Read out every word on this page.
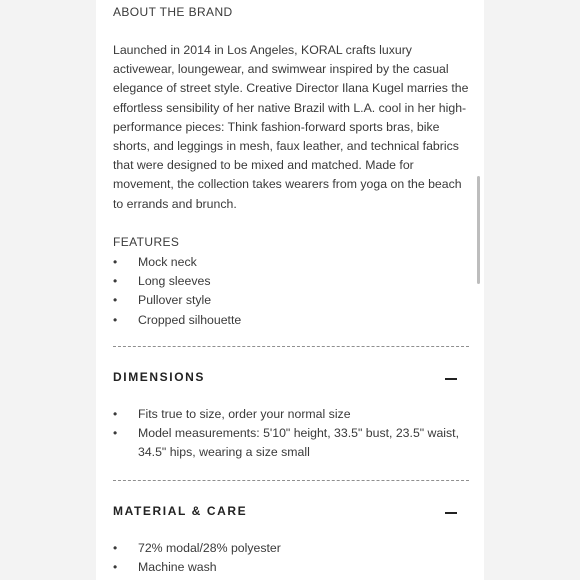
ABOUT THE BRAND
Launched in 2014 in Los Angeles, KORAL crafts luxury activewear, loungewear, and swimwear inspired by the casual elegance of street style. Creative Director Ilana Kugel marries the effortless sensibility of her native Brazil with L.A. cool in her high-performance pieces: Think fashion-forward sports bras, bike shorts, and leggings in mesh, faux leather, and technical fabrics that were designed to be mixed and matched. Made for movement, the collection takes wearers from yoga on the beach to errands and brunch.
FEATURES
• Mock neck
• Long sleeves
• Pullover style
• Cropped silhouette
DIMENSIONS
• Fits true to size, order your normal size
• Model measurements: 5'10" height, 33.5" bust, 23.5" waist, 34.5" hips, wearing a size small
MATERIAL & CARE
• 72% modal/28% polyester
• Machine wash
